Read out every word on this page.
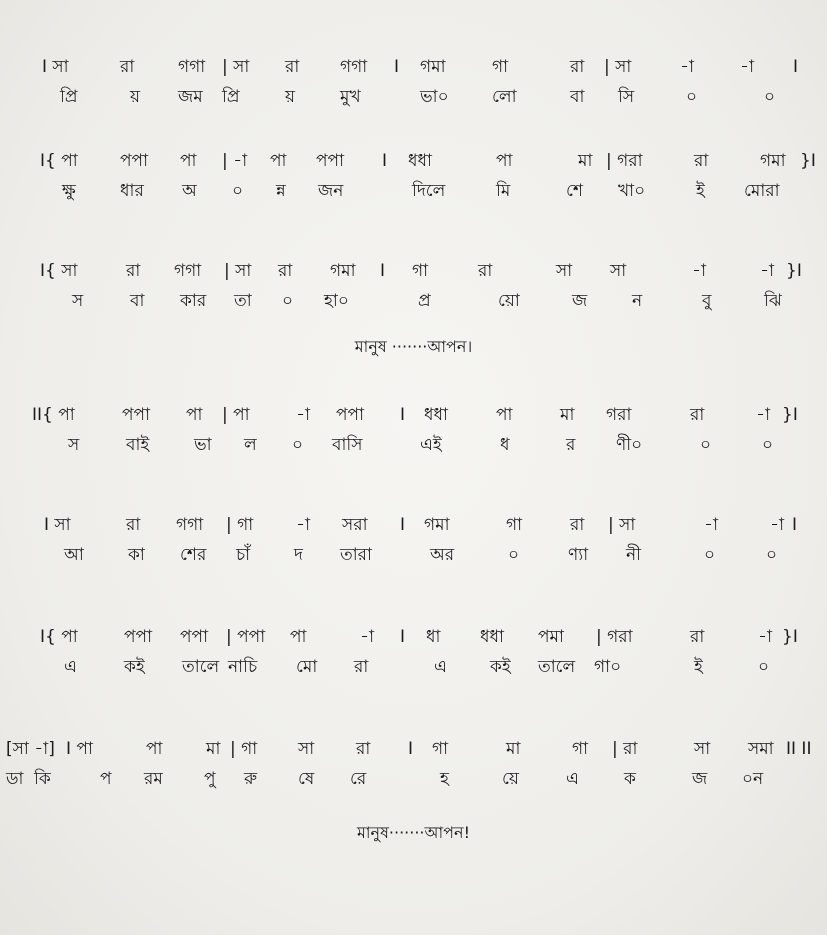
I সা	রা	গগা | সা রা গগা I গমা	গা	রা | সা	-া	-া I
প্রি	য় জম প্রি	য়	মুখ	ভা০	লো	বা সি	০	০
I{ পা পপা পা | -া পা পপা I ধধা	পা	মা | গরা	রা	গমা }I
ক্ষু	ধার অ ০ ন্ন জন	দিলে	মি	শে খা০	ই মোরা
I{ সা	রা গগা | সা রা গমা I গা	রা	সা সা	-া	-া }I
স	বা কার তা ০ হা০	প্র	য়ো	জ	ন	বু	ঝি
মানুষ ·······আপন।
II{ পা	পপা পা | পা	-া পপা I ধধা	পা	মা গরা	রা	-া }I
স	বাই	ভা ল ০ বাসি	এই	ধ	র ণী০	০	০
I সা	রা গগা | গা	-া সরা I গমা	গা	রা | সা	-া	-া I
আ	কা শের চাঁ	দ তারা	অর	০	ণ্যা নী	০	০
I{ পা	পপা পপা | পপা পা	-া I ধা ধধা পমা | গরা	রা	-া }I
এ	কই তালে নাচি মো রা	এ	কই তালে গা০	ই	০
[সা -া] I পা	পা	মা | গা সা রা I গা	মা	গা | রা	সা সমা II II
ডা কি	প রম পু রু ষে রে	হ	য়ে	এ	ক	জ ০ন
মানুষ·······আপন!
